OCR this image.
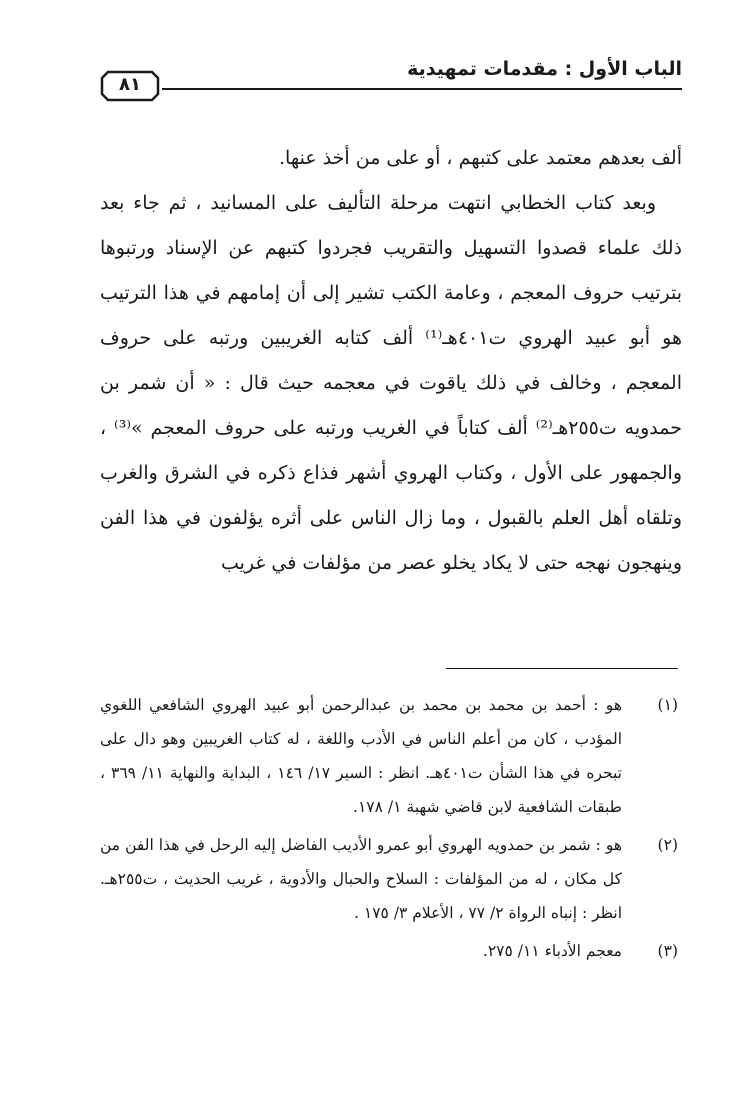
الباب الأول : مقدمات تمهيدية
٨١

ألف بعدهم معتمد على كتبهم ، أو على من أخذ عنها.

وبعد كتاب الخطابي انتهت مرحلة التأليف على المسانيد ، ثم جاء بعد ذلك علماء قصدوا التسهيل والتقريب فجردوا كتبهم عن الإسناد ورتبوها بترتيب حروف المعجم ، وعامة الكتب تشير إلى أن إمامهم في هذا الترتيب هو أبو عبيد الهروي ت٤٠١هـ⁽¹⁾ ألف كتابه الغريبين ورتبه على حروف المعجم ، وخالف في ذلك ياقوت في معجمه حيث قال : « أن شمر بن حمدويه ت٢٥٥هـ⁽²⁾ ألف كتاباً في الغريب ورتبه على حروف المعجم »⁽³⁾ ، والجمهور على الأول ، وكتاب الهروي أشهر فذاع ذكره في الشرق والغرب وتلقاه أهل العلم بالقبول ، وما زال الناس على أثره يؤلفون في هذا الفن وينهجون نهجه حتى لا يكاد يخلو عصر من مؤلفات في غريب

(١)
هو : أحمد بن محمد بن محمد بن عبدالرحمن أبو عبيد الهروي الشافعي اللغوي المؤدب ، كان من أعلم الناس في الأدب واللغة ، له كتاب الغريبين وهو دال على تبحره في هذا الشأن ت٤٠١هـ. انظر : السير ١٧/ ١٤٦ ، البداية والنهاية ١١/ ٣٦٩ ، طبقات الشافعية لابن قاضي شهبة ١/ ١٧٨.
(٢)
هو : شمر بن حمدويه الهروي أبو عمرو الأديب الفاضل إليه الرحل في هذا الفن من كل مكان ، له من المؤلفات : السلاح والحبال والأدوية ، غريب الحديث ، ت٢٥٥هـ. انظر : إنباه الرواة ٢/ ٧٧ ، الأعلام ٣/ ١٧٥ .
(٣)
معجم الأدباء ١١/ ٢٧٥.
